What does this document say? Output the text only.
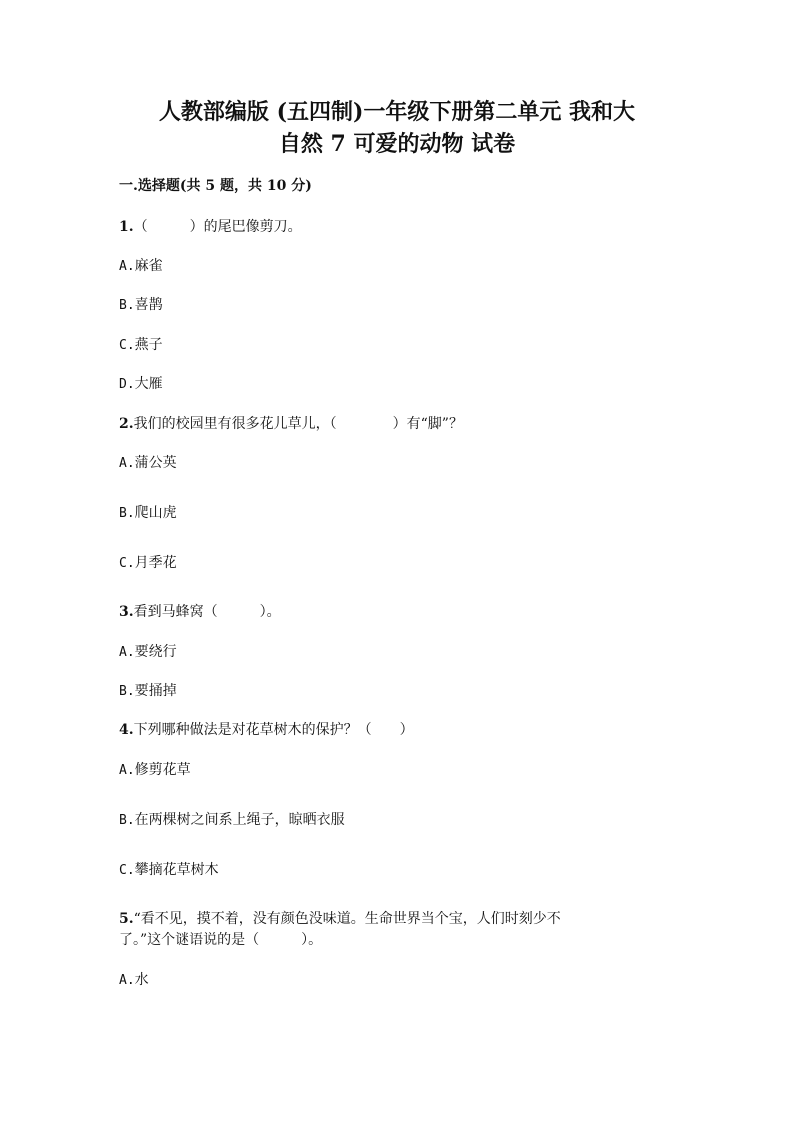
人教部编版 (五四制)一年级下册第二单元 我和大
自然 7 可爱的动物 试卷

一.选择题(共 5 题，共 10 分)

1.（　　　）的尾巴像剪刀。

A.麻雀

B.喜鹊

C.燕子

D.大雁

2.我们的校园里有很多花儿草儿，（　　　　）有“脚”？

A.蒲公英

B.爬山虎

C.月季花

3.看到马蜂窝（　　　）。

A.要绕行

B.要捅掉

4.下列哪种做法是对花草树木的保护？（　　）

A.修剪花草

B.在两棵树之间系上绳子，晾晒衣服

C.攀摘花草树木

5.“看不见，摸不着，没有颜色没味道。生命世界当个宝，人们时刻少不

了。”这个谜语说的是（　　　）。

A.水
